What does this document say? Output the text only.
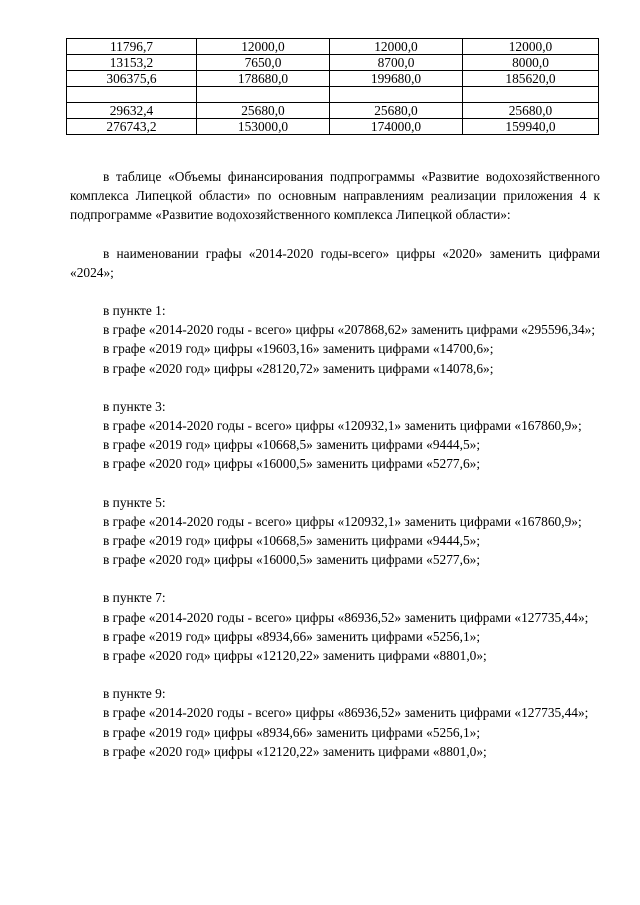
11796,7	12000,0	12000,0	12000,0
13153,2	7650,0	8700,0	8000,0
306375,6	178680,0	199680,0	185620,0

29632,4	25680,0	25680,0	25680,0
276743,2	153000,0	174000,0	159940,0

в таблице «Объемы финансирования подпрограммы «Развитие водохозяйственного комплекса Липецкой области» по основным направлениям реализации приложения 4 к подпрограмме «Развитие водохозяйственного комплекса Липецкой области»:

в наименовании графы «2014-2020 годы-всего» цифры «2020» заменить цифрами «2024»;

в пункте 1:

в графе «2014-2020 годы - всего» цифры «207868,62» заменить цифрами «295596,34»;

в графе «2019 год» цифры «19603,16» заменить цифрами «14700,6»;

в графе «2020 год» цифры «28120,72» заменить цифрами «14078,6»;

в пункте 3:

в графе «2014-2020 годы - всего» цифры «120932,1» заменить цифрами «167860,9»;

в графе «2019 год» цифры «10668,5» заменить цифрами «9444,5»;

в графе «2020 год» цифры «16000,5» заменить цифрами «5277,6»;

в пункте 5:

в графе «2014-2020 годы - всего» цифры «120932,1» заменить цифрами «167860,9»;

в графе «2019 год» цифры «10668,5» заменить цифрами «9444,5»;

в графе «2020 год» цифры «16000,5» заменить цифрами «5277,6»;

в пункте 7:

в графе «2014-2020 годы - всего» цифры «86936,52» заменить цифрами «127735,44»;

в графе «2019 год» цифры «8934,66» заменить цифрами «5256,1»;

в графе «2020 год» цифры «12120,22» заменить цифрами «8801,0»;

в пункте 9:

в графе «2014-2020 годы - всего» цифры «86936,52» заменить цифрами «127735,44»;

в графе «2019 год» цифры «8934,66» заменить цифрами «5256,1»;

в графе «2020 год» цифры «12120,22» заменить цифрами «8801,0»;
